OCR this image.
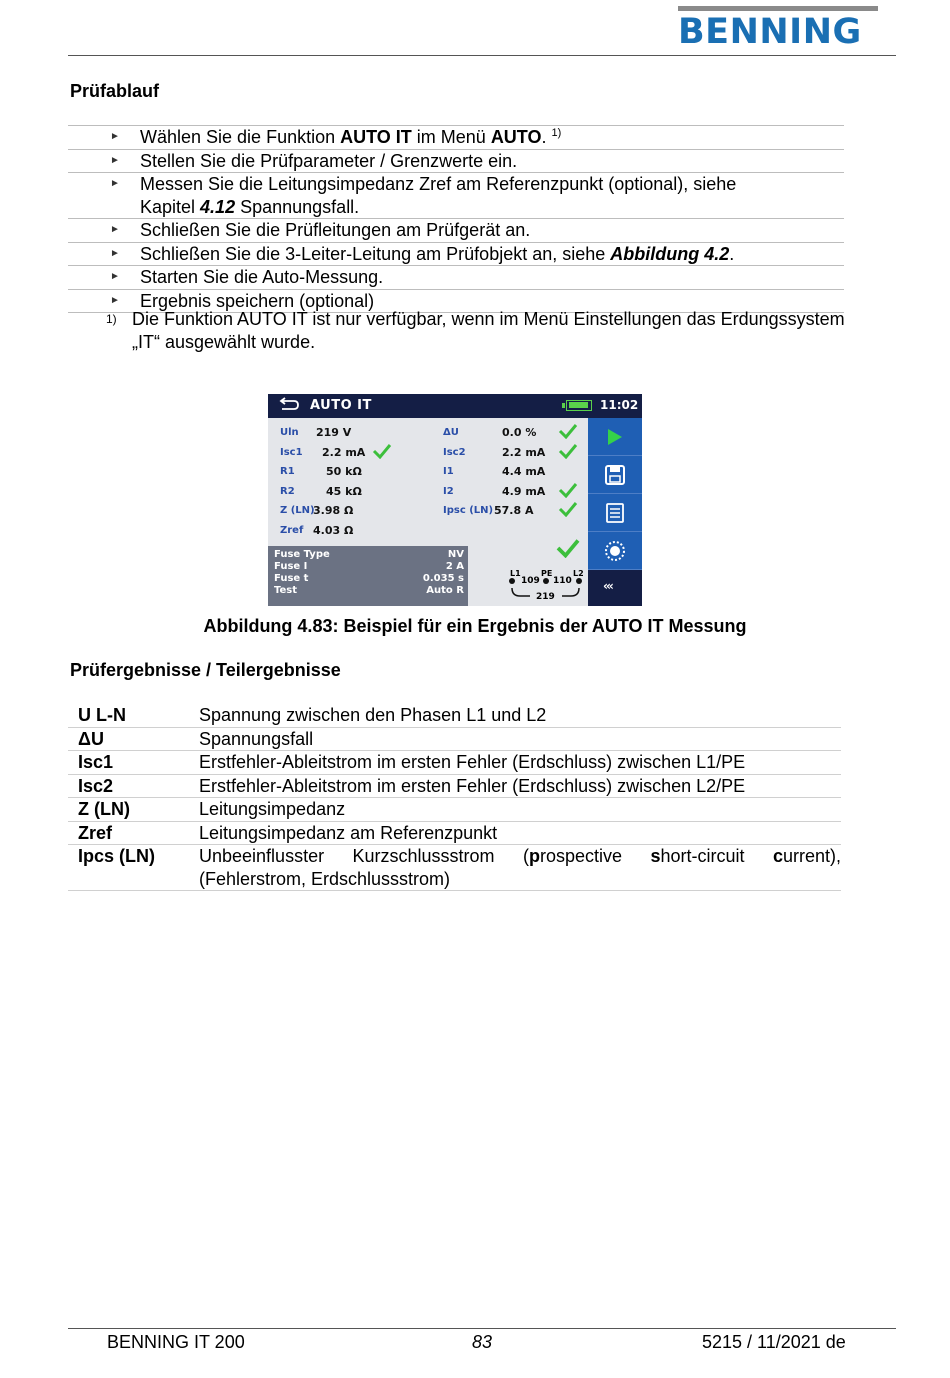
BENNING
Prüfablauf
► Wählen Sie die Funktion AUTO IT im Menü AUTO. $^{1)}$
► Stellen Sie die Prüfparameter / Grenzwerte ein.
► Messen Sie die Leitungsimpedanz Zref am Referenzpunkt (optional), siehe
Kapitel 4.12 Spannungsfall.
► Schließen Sie die Prüfleitungen am Prüfgerät an.
► Schließen Sie die 3-Leiter-Leitung am Prüfobjekt an, siehe Abbildung 4.2.
► Starten Sie die Auto-Messung.
► Ergebnis speichern (optional)
1) Die Funktion AUTO IT ist nur verfügbar, wenn im Menü Einstellungen das Erdungssystem
„IT“ ausgewählt wurde.
AUTO IT	11:02
Uln 219 V
Isc1 2.2 mA
R1	50 kΩ
R2	45 kΩ
Z (LN)
3.98 Ω
Zref 4.03 Ω
ΔU	0.0 %
Isc2	2.2 mA
I1	4.4 mA
I2	4.9 mA
Ipsc (LN) 57.8 A
Fuse Type	NV
Fuse I	2 A
Fuse t	0.035 s
Test	Auto R
L1	PE	L2
109 110
219
‹‹‹
Abbildung 4.83: Beispiel für ein Ergebnis der AUTO IT Messung
Prüfergebnisse / Teilergebnisse
U L-N	Spannung zwischen den Phasen L1 und L2
ΔU	Spannungsfall
Isc1	Erstfehler-Ableitstrom im ersten Fehler (Erdschluss) zwischen L1/PE
Isc2	Erstfehler-Ableitstrom im ersten Fehler (Erdschluss) zwischen L2/PE
Z (LN)	Leitungsimpedanz
Zref	Leitungsimpedanz am Referenzpunkt
Ipcs (LN) Unbeeinflusster Kurzschlussstrom (prospective short-circuit current), (Fehlerstrom, Erdschlussstrom)
BENNING IT 200	83	5215 / 11/2021 de
